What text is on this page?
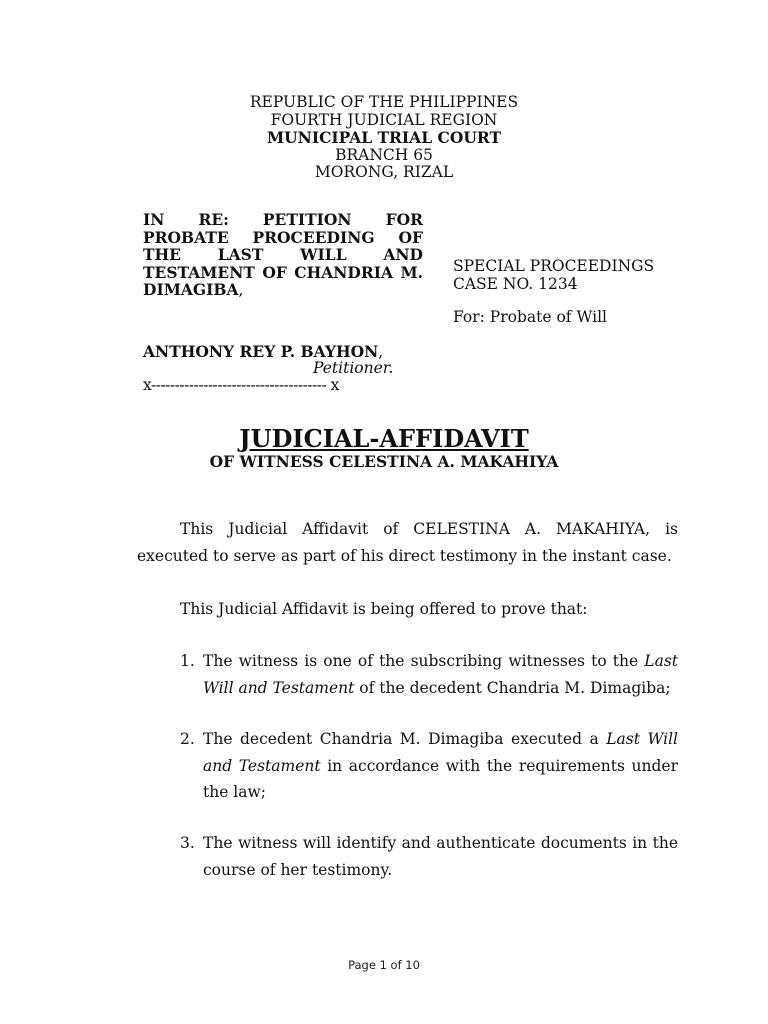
REPUBLIC OF THE PHILIPPINES
FOURTH JUDICIAL REGION
MUNICIPAL TRIAL COURT
BRANCH 65
MORONG, RIZAL
IN RE: PETITION FOR PROBATE PROCEEDING OF THE LAST WILL AND TESTAMENT OF CHANDRIA M. DIMAGIBA,
SPECIAL PROCEEDINGS
CASE NO. 1234
For: Probate of Will
ANTHONY REY P. BAYHON,
Petitioner.
x------------------------------------- x
JUDICIAL-AFFIDAVIT
OF WITNESS CELESTINA A. MAKAHIYA
This Judicial Affidavit of CELESTINA A. MAKAHIYA, is executed to serve as part of his direct testimony in the instant case.
This Judicial Affidavit is being offered to prove that:
1. The witness is one of the subscribing witnesses to the Last Will and Testament of the decedent Chandria M. Dimagiba;
2. The decedent Chandria M. Dimagiba executed a Last Will and Testament in accordance with the requirements under the law;
3. The witness will identify and authenticate documents in the course of her testimony.
Page 1 of 10
